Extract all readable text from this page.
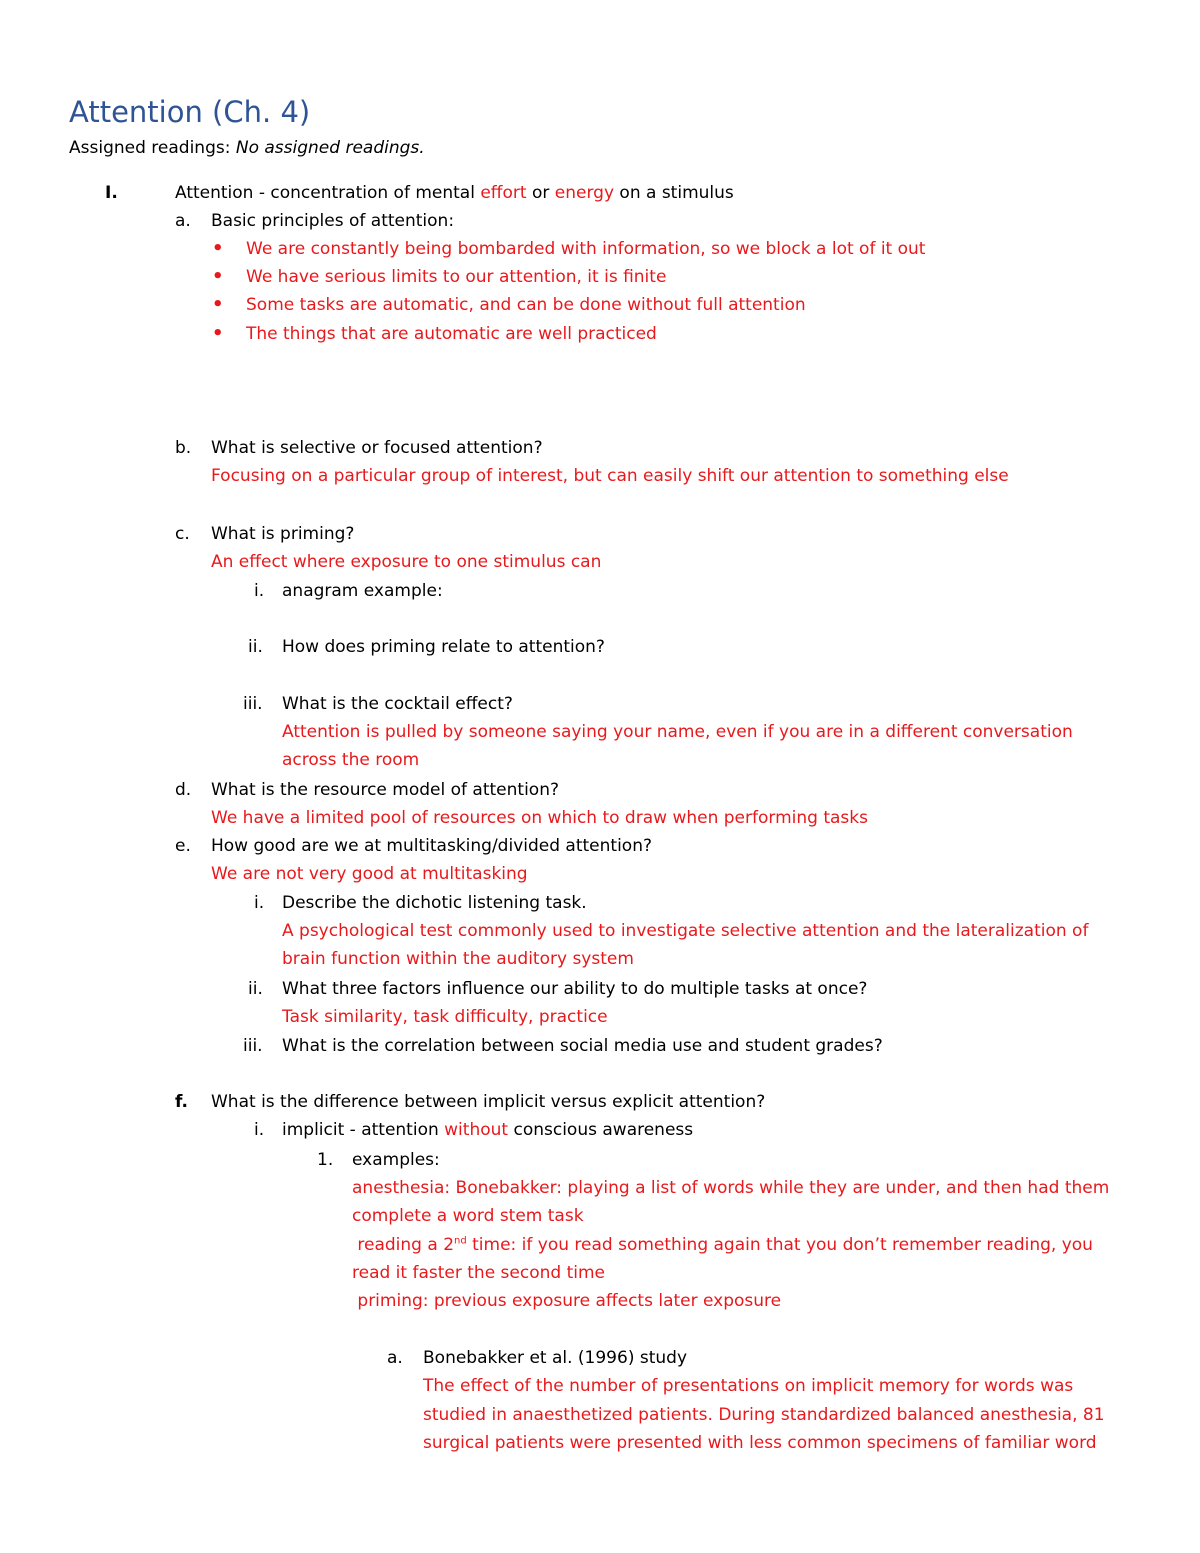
Attention (Ch. 4)
Assigned readings: No assigned readings.
I.	Attention - concentration of mental effort or energy on a stimulus
a. Basic principles of attention:
• We are constantly being bombarded with information, so we block a lot of it out
• We have serious limits to our attention, it is finite
• Some tasks are automatic, and can be done without full attention
• The things that are automatic are well practiced
b. What is selective or focused attention?
Focusing on a particular group of interest, but can easily shift our attention to something else
c. What is priming?
An effect where exposure to one stimulus can
i. anagram example:
ii. How does priming relate to attention?
iii. What is the cocktail effect?
Attention is pulled by someone saying your name, even if you are in a different conversation
across the room
d. What is the resource model of attention?
We have a limited pool of resources on which to draw when performing tasks
e. How good are we at multitasking/divided attention?
We are not very good at multitasking
i. Describe the dichotic listening task.
A psychological test commonly used to investigate selective attention and the lateralization of
brain function within the auditory system
ii. What three factors influence our ability to do multiple tasks at once?
Task similarity, task difficulty, practice
iii. What is the correlation between social media use and student grades?
f. What is the difference between implicit versus explicit attention?
i. implicit - attention without conscious awareness
1. examples:
anesthesia: Bonebakker: playing a list of words while they are under, and then had them
complete a word stem task
reading a 2nd time: if you read something again that you don’t remember reading, you
read it faster the second time
priming: previous exposure affects later exposure
a. Bonebakker et al. (1996) study
The effect of the number of presentations on implicit memory for words was
studied in anaesthetized patients. During standardized balanced anesthesia, 81
surgical patients were presented with less common specimens of familiar word
